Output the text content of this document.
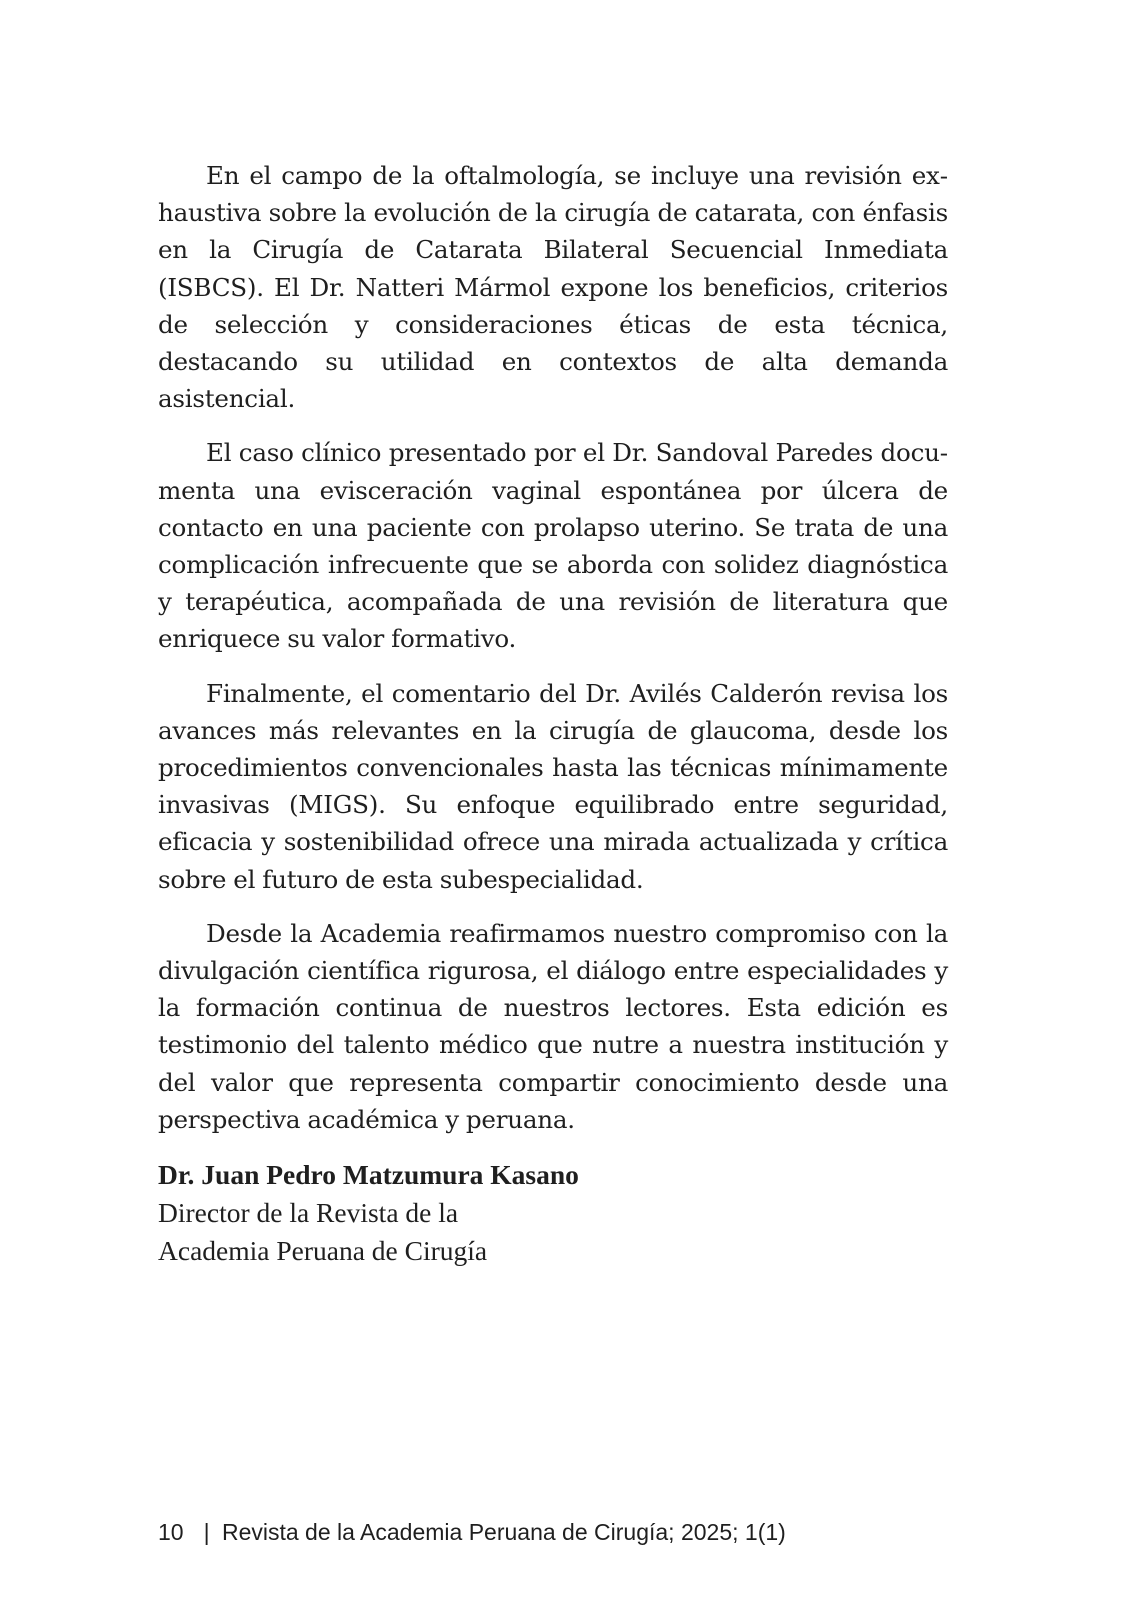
En el campo de la oftalmología, se incluye una revisión exhaustiva sobre la evolución de la cirugía de catarata, con énfasis en la Cirugía de Catarata Bilateral Secuencial Inmediata (ISBCS). El Dr. Natteri Mármol expone los beneficios, criterios de selección y consideraciones éticas de esta técnica, destacando su utilidad en contextos de alta demanda asistencial.

El caso clínico presentado por el Dr. Sandoval Paredes documenta una evisceración vaginal espontánea por úlcera de contacto en una paciente con prolapso uterino. Se trata de una complicación infrecuente que se aborda con solidez diagnóstica y terapéutica, acompañada de una revisión de literatura que enriquece su valor formativo.

Finalmente, el comentario del Dr. Avilés Calderón revisa los avances más relevantes en la cirugía de glaucoma, desde los procedimientos convencionales hasta las técnicas mínimamente invasivas (MIGS). Su enfoque equilibrado entre seguridad, eficacia y sostenibilidad ofrece una mirada actualizada y crítica sobre el futuro de esta subespecialidad.

Desde la Academia reafirmamos nuestro compromiso con la divulgación científica rigurosa, el diálogo entre especialidades y la formación continua de nuestros lectores. Esta edición es testimonio del talento médico que nutre a nuestra institución y del valor que representa compartir conocimiento desde una perspectiva académica y peruana.

Dr. Juan Pedro Matzumura Kasano
Director de la Revista de la
Academia Peruana de Cirugía
10 | Revista de la Academia Peruana de Cirugía; 2025; 1(1)
